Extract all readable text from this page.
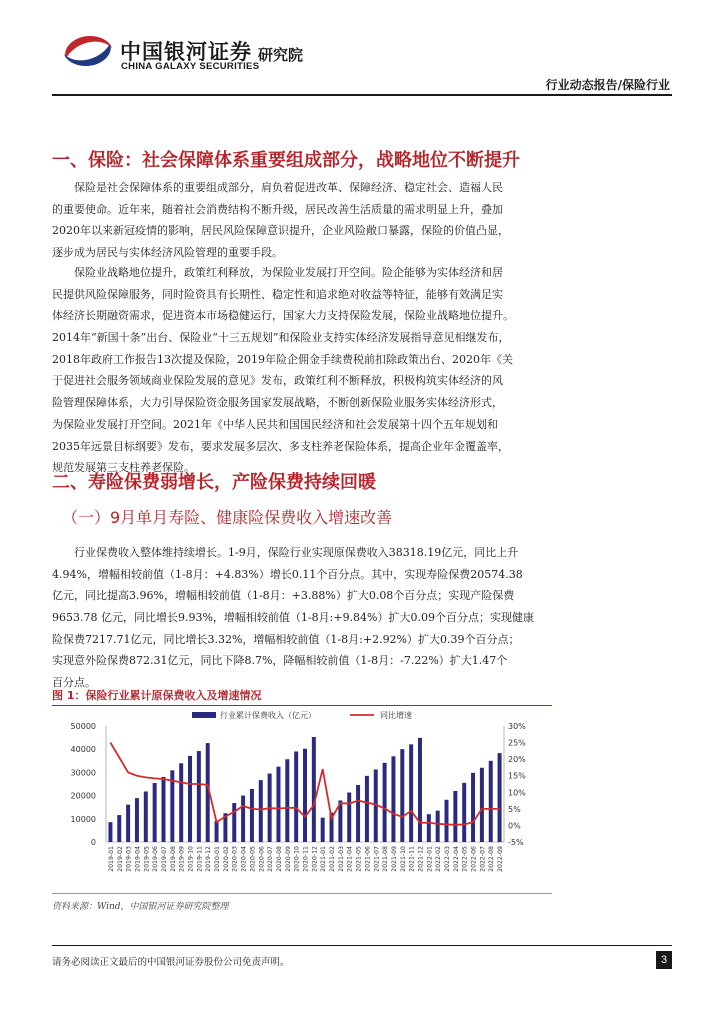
中国银河证券
CHINA GALAXY SECURITIES
研究院
行业动态报告/保险行业
一、保险：社会保障体系重要组成部分，战略地位不断提升
保险是社会保障体系的重要组成部分，肩负着促进改革、保障经济、稳定社会、造福人民
的重要使命。近年来，随着社会消费结构不断升级，居民改善生活质量的需求明显上升，叠加
2020年以来新冠疫情的影响，居民风险保障意识提升，企业风险敞口暴露，保险的价值凸显，
逐步成为居民与实体经济风险管理的重要手段。
保险业战略地位提升，政策红利释放，为保险业发展打开空间。险企能够为实体经济和居
民提供风险保障服务，同时险资具有长期性、稳定性和追求绝对收益等特征，能够有效满足实
体经济长期融资需求，促进资本市场稳健运行，国家大力支持保险发展，保险业战略地位提升。
2014年“新国十条”出台、保险业“十三五规划”和保险业支持实体经济发展指导意见相继发布，
2018年政府工作报告13次提及保险，2019年险企佣金手续费税前扣除政策出台、2020年《关
于促进社会服务领域商业保险发展的意见》发布，政策红利不断释放，积极构筑实体经济的风
险管理保障体系，大力引导保险资金服务国家发展战略，不断创新保险业服务实体经济形式，
为保险业发展打开空间。2021年《中华人民共和国国民经济和社会发展第十四个五年规划和
2035年远景目标纲要》发布，要求发展多层次、多支柱养老保险体系，提高企业年金覆盖率，
规范发展第三支柱养老保险。
二、寿险保费弱增长，产险保费持续回暖
（一）9月单月寿险、健康险保费收入增速改善
行业保费收入整体维持续增长。1-9月，保险行业实现原保费收入38318.19亿元，同比上升
4.94%，增幅相较前值（1-8月：+4.83%）增长0.11个百分点。其中，实现寿险保费20574.38
亿元，同比提高3.96%，增幅相较前值（1-8月：+3.88%）扩大0.08个百分点；实现产险保费
9653.78 亿元，同比增长9.93%，增幅相较前值（1-8月:+9.84%）扩大0.09个百分点；实现健康
险保费7217.71亿元，同比增长3.32%，增幅相较前值（1-8月:+2.92%）扩大0.39个百分点；
实现意外险保费872.31亿元，同比下降8.7%，降幅相较前值（1-8月：-7.22%）扩大1.47个
百分点。
图 1：保险行业累计原保费收入及增速情况
行业累计保费收入（亿元）	同比增速
50000
40000
30000
20000
10000
0
30%
25%
20%
15%
10%
5%
0%
-5%
2019-01 2019-02 2019-03 2019-04 2019-05 2019-06 2019-07 2019-08 2019-09 2019-10 2019-11 2019-12 2020-01 2020-02 2020-03 2020-04 2020-05 2020-06 2020-07 2020-08 2020-09 2020-10 2020-11 2020-12 2021-01 2021-02 2021-03 2021-04 2021-05 2021-06 2021-07 2021-08 2021-09 2021-10 2021-11 2021-12 2022-01 2022-02 2022-03 2022-04 2022-05 2022-06 2022-07 2022-08 2022-09
资料来源：Wind，中国银河证券研究院整理
请务必阅读正文最后的中国银河证券股份公司免责声明。	3
